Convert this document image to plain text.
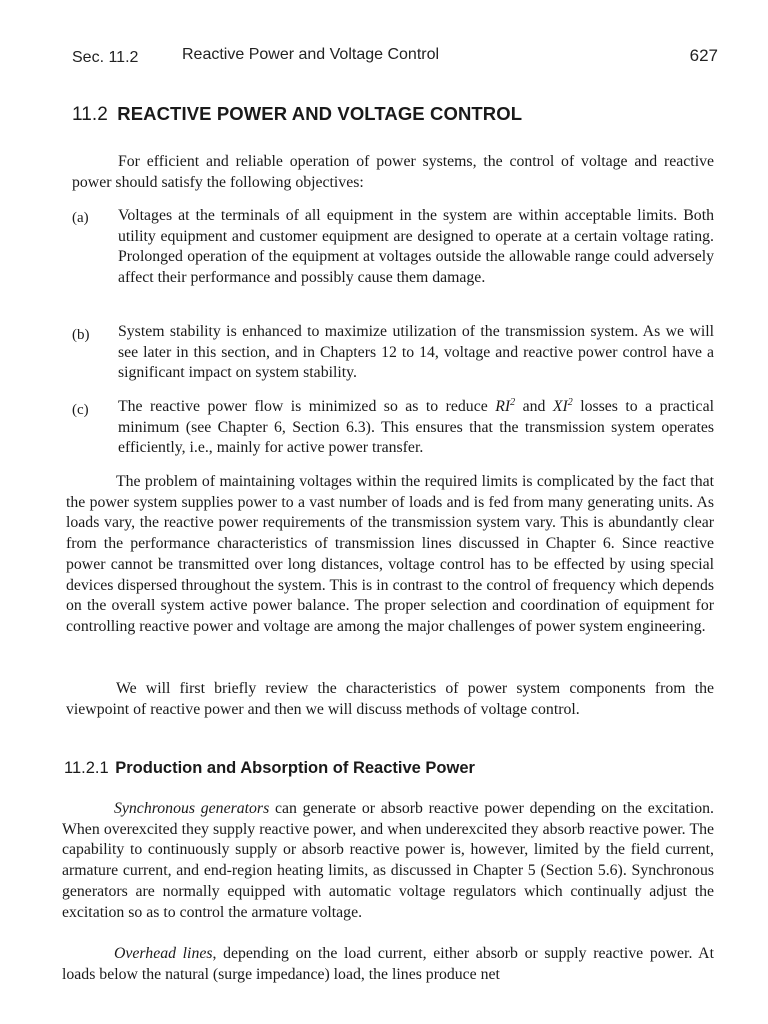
Sec. 11.2	Reactive Power and Voltage Control	627
11.2 REACTIVE POWER AND VOLTAGE CONTROL

For efficient and reliable operation of power systems, the control of voltage and reactive power should satisfy the following objectives:

(a) Voltages at the terminals of all equipment in the system are within acceptable limits. Both utility equipment and customer equipment are designed to operate at a certain voltage rating. Prolonged operation of the equipment at voltages outside the allowable range could adversely affect their performance and possibly cause them damage.

(b) System stability is enhanced to maximize utilization of the transmission system. As we will see later in this section, and in Chapters 12 to 14, voltage and reactive power control have a significant impact on system stability.

(c) The reactive power flow is minimized so as to reduce $RI^2$ and $XI^2$ losses to a practical minimum (see Chapter 6, Section 6.3). This ensures that the transmission system operates efficiently, i.e., mainly for active power transfer.

The problem of maintaining voltages within the required limits is complicated by the fact that the power system supplies power to a vast number of loads and is fed from many generating units. As loads vary, the reactive power requirements of the transmission system vary. This is abundantly clear from the performance characteristics of transmission lines discussed in Chapter 6. Since reactive power cannot be transmitted over long distances, voltage control has to be effected by using special devices dispersed throughout the system. This is in contrast to the control of frequency which depends on the overall system active power balance. The proper selection and coordination of equipment for controlling reactive power and voltage are among the major challenges of power system engineering.

We will first briefly review the characteristics of power system components from the viewpoint of reactive power and then we will discuss methods of voltage control.

11.2.1 Production and Absorption of Reactive Power

Synchronous generators can generate or absorb reactive power depending on the excitation. When overexcited they supply reactive power, and when underexcited they absorb reactive power. The capability to continuously supply or absorb reactive power is, however, limited by the field current, armature current, and end-region heating limits, as discussed in Chapter 5 (Section 5.6). Synchronous generators are normally equipped with automatic voltage regulators which continually adjust the excitation so as to control the armature voltage.

Overhead lines, depending on the load current, either absorb or supply reactive power. At loads below the natural (surge impedance) load, the lines produce net
